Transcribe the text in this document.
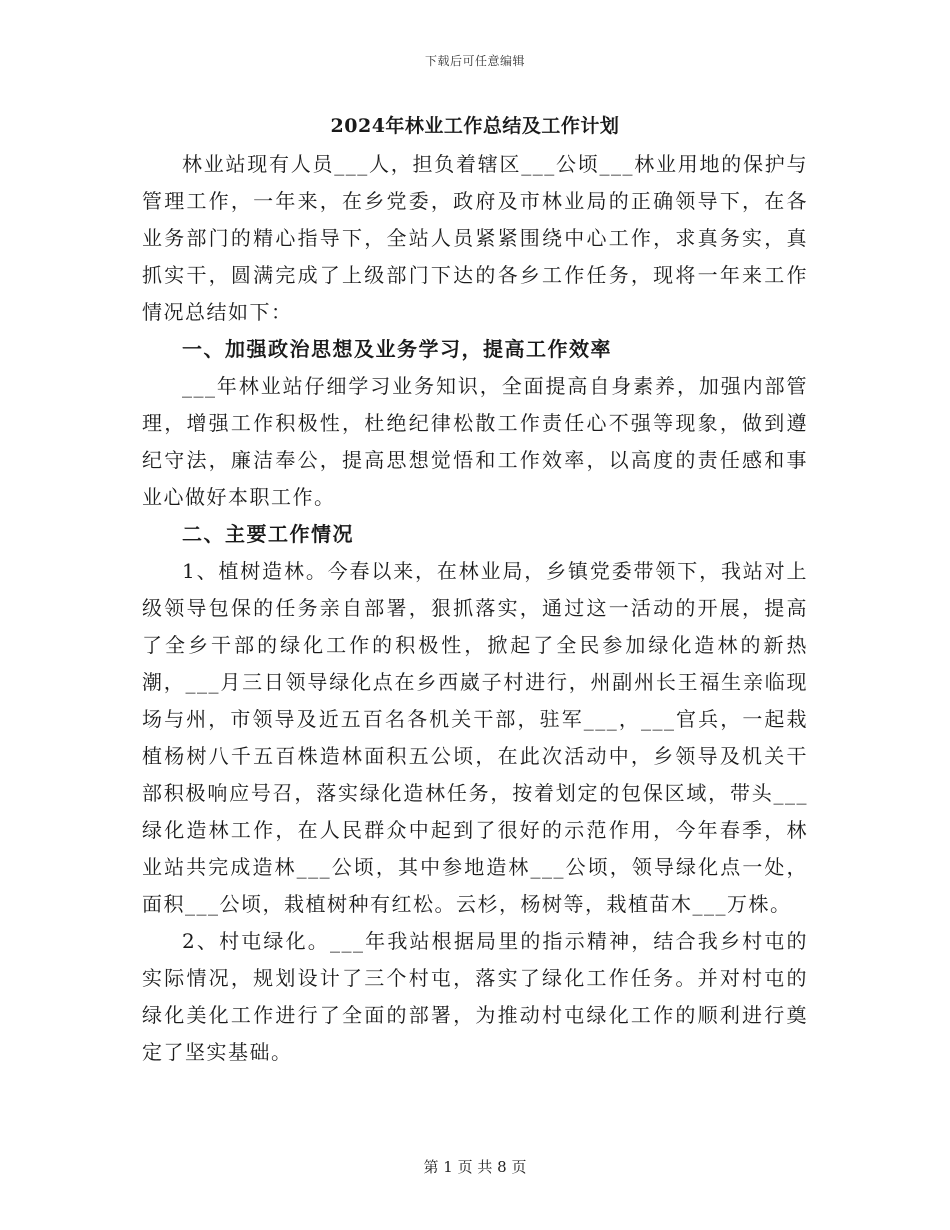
下载后可任意编辑
2024年林业工作总结及工作计划

林业站现有人员___人，担负着辖区___公顷___林业用地的保护与管理工作，一年来，在乡党委，政府及市林业局的正确领导下，在各业务部门的精心指导下，全站人员紧紧围绕中心工作，求真务实，真抓实干，圆满完成了上级部门下达的各乡工作任务，现将一年来工作情况总结如下：

一、加强政治思想及业务学习，提高工作效率

___年林业站仔细学习业务知识，全面提高自身素养，加强内部管理，增强工作积极性，杜绝纪律松散工作责任心不强等现象，做到遵纪守法，廉洁奉公，提高思想觉悟和工作效率，以高度的责任感和事业心做好本职工作。

二、主要工作情况

1、植树造林。今春以来，在林业局，乡镇党委带领下，我站对上级领导包保的任务亲自部署，狠抓落实，通过这一活动的开展，提高了全乡干部的绿化工作的积极性，掀起了全民参加绿化造林的新热潮，___月三日领导绿化点在乡西崴子村进行，州副州长王福生亲临现场与州，市领导及近五百名各机关干部，驻军___，___官兵，一起栽植杨树八千五百株造林面积五公顷，在此次活动中，乡领导及机关干部积极响应号召，落实绿化造林任务，按着划定的包保区域，带头___绿化造林工作，在人民群众中起到了很好的示范作用，今年春季，林业站共完成造林___公顷，其中参地造林___公顷，领导绿化点一处，面积___公顷，栽植树种有红松。云杉，杨树等，栽植苗木___万株。

2、村屯绿化。___年我站根据局里的指示精神，结合我乡村屯的实际情况，规划设计了三个村屯，落实了绿化工作任务。并对村屯的绿化美化工作进行了全面的部署，为推动村屯绿化工作的顺利进行奠定了坚实基础。

第 1 页 共 8 页
